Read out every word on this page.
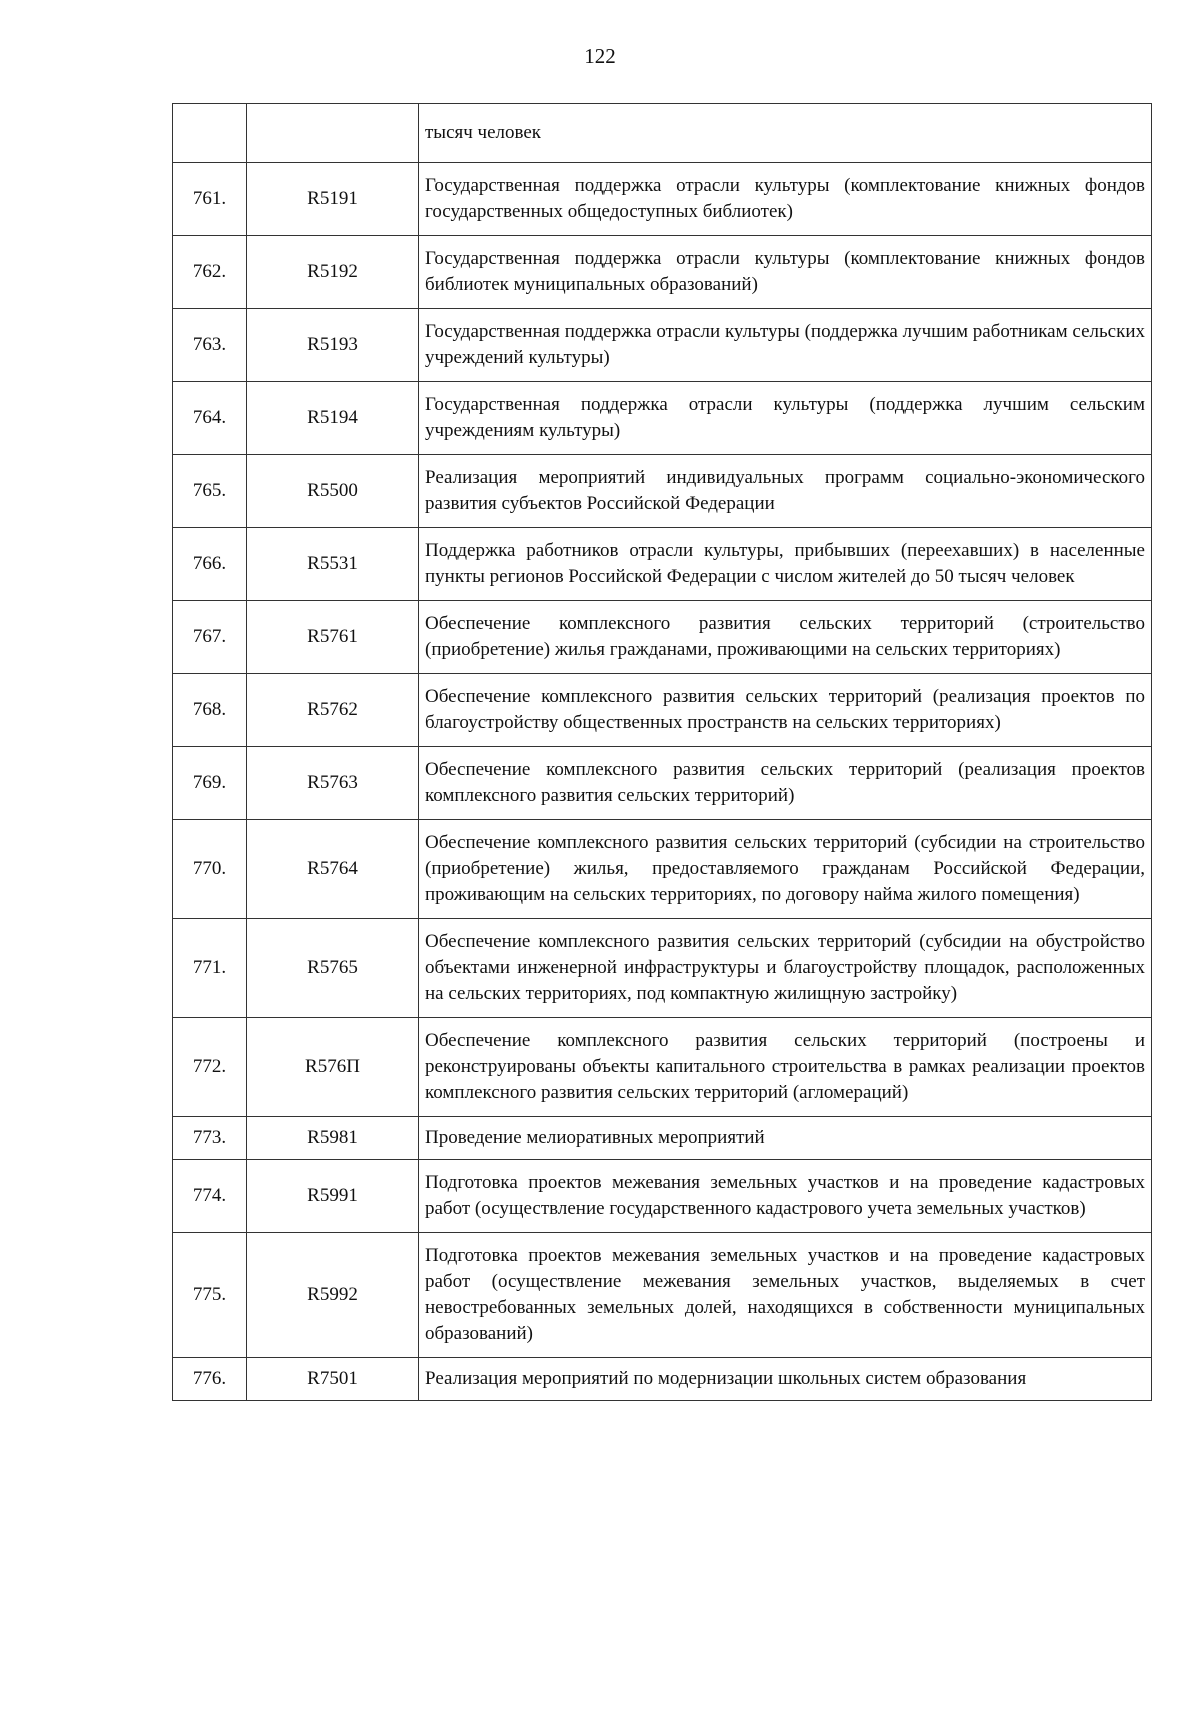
122

		тысяч человек

761.	R5191	Государственная поддержка отрасли культуры (комплектование книжных фондов государственных общедоступных библиотек)

762.	R5192	Государственная поддержка отрасли культуры (комплектование книжных фондов библиотек муниципальных образований)

763.	R5193	Государственная поддержка отрасли культуры (поддержка лучшим работникам сельских учреждений культуры)

764.	R5194	Государственная поддержка отрасли культуры (поддержка лучшим сельским учреждениям культуры)

765.	R5500	Реализация мероприятий индивидуальных программ социально-экономического развития субъектов Российской Федерации

766.	R5531	Поддержка работников отрасли культуры, прибывших (переехавших) в населенные пункты регионов Российской Федерации с числом жителей до 50 тысяч человек

767.	R5761	Обеспечение комплексного развития сельских территорий (строительство (приобретение) жилья гражданами, проживающими на сельских территориях)

768.	R5762	Обеспечение комплексного развития сельских территорий (реализация проектов по благоустройству общественных пространств на сельских территориях)

769.	R5763	Обеспечение комплексного развития сельских территорий (реализация проектов комплексного развития сельских территорий)

770.	R5764	Обеспечение комплексного развития сельских территорий (субсидии на строительство (приобретение) жилья, предоставляемого гражданам Российской Федерации, проживающим на сельских территориях, по договору найма жилого помещения)

771.	R5765	Обеспечение комплексного развития сельских территорий (субсидии на обустройство объектами инженерной инфраструктуры и благоустройству площадок, расположенных на сельских территориях, под компактную жилищную застройку)

772.	R576П	Обеспечение комплексного развития сельских территорий (построены и реконструированы объекты капитального строительства в рамках реализации проектов комплексного развития сельских территорий (агломераций)

773.	R5981	Проведение мелиоративных мероприятий

774.	R5991	Подготовка проектов межевания земельных участков и на проведение кадастровых работ (осуществление государственного кадастрового учета земельных участков)

775.	R5992	Подготовка проектов межевания земельных участков и на проведение кадастровых работ (осуществление межевания земельных участков, выделяемых в счет невостребованных земельных долей, находящихся в собственности муниципальных образований)

776.	R7501	Реализация мероприятий по модернизации школьных систем образования
